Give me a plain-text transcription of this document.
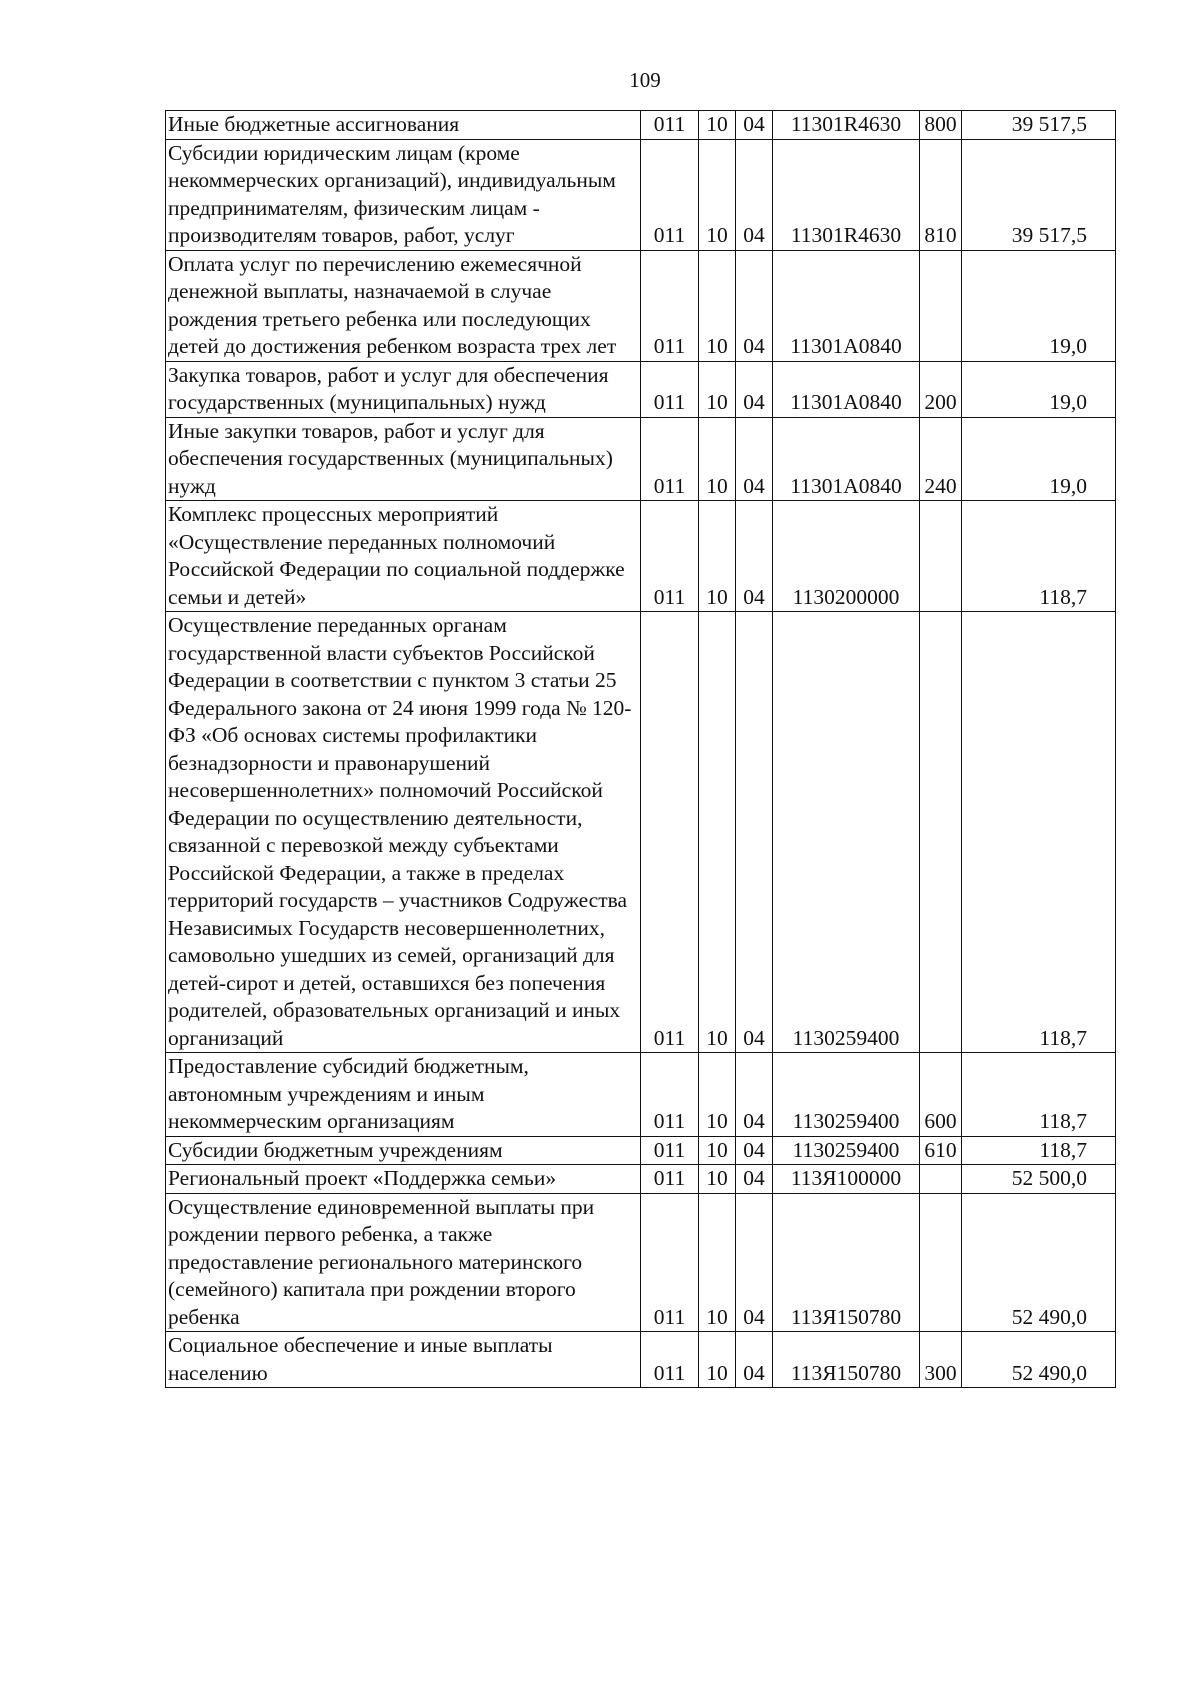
109
Иные бюджетные ассигнования	011	10	04	11301R4630	800	39 517,5
Субсидии юридическим лицам (кроме некоммерческих организаций), индивидуальным предпринимателям, физическим лицам - производителям товаров, работ, услуг	011	10	04	11301R4630	810	39 517,5
Оплата услуг по перечислению ежемесячной денежной выплаты, назначаемой в случае рождения третьего ребенка или последующих детей до достижения ребенком возраста трех лет	011	10	04	11301A0840		19,0
Закупка товаров, работ и услуг для обеспечения государственных (муниципальных) нужд	011	10	04	11301A0840	200	19,0
Иные закупки товаров, работ и услуг для обеспечения государственных (муниципальных) нужд	011	10	04	11301A0840	240	19,0
Комплекс процессных мероприятий «Осуществление переданных полномочий Российской Федерации по социальной поддержке семьи и детей»	011	10	04	1130200000		118,7
Осуществление переданных органам государственной власти субъектов Российской Федерации в соответствии с пунктом 3 статьи 25 Федерального закона от 24 июня 1999 года № 120-ФЗ «Об основах системы профилактики безнадзорности и правонарушений несовершеннолетних» полномочий Российской Федерации по осуществлению деятельности, связанной с перевозкой между субъектами Российской Федерации, а также в пределах территорий государств – участников Содружества Независимых Государств несовершеннолетних, самовольно ушедших из семей, организаций для детей-сирот и детей, оставшихся без попечения родителей, образовательных организаций и иных организаций	011	10	04	1130259400		118,7
Предоставление субсидий бюджетным, автономным учреждениям и иным некоммерческим организациям	011	10	04	1130259400	600	118,7
Субсидии бюджетным учреждениям	011	10	04	1130259400	610	118,7
Региональный проект «Поддержка семьи»	011	10	04	113Я100000		52 500,0
Осуществление единовременной выплаты при рождении первого ребенка, а также предоставление регионального материнского (семейного) капитала при рождении второго ребенка	011	10	04	113Я150780		52 490,0
Социальное обеспечение и иные выплаты населению	011	10	04	113Я150780	300	52 490,0
